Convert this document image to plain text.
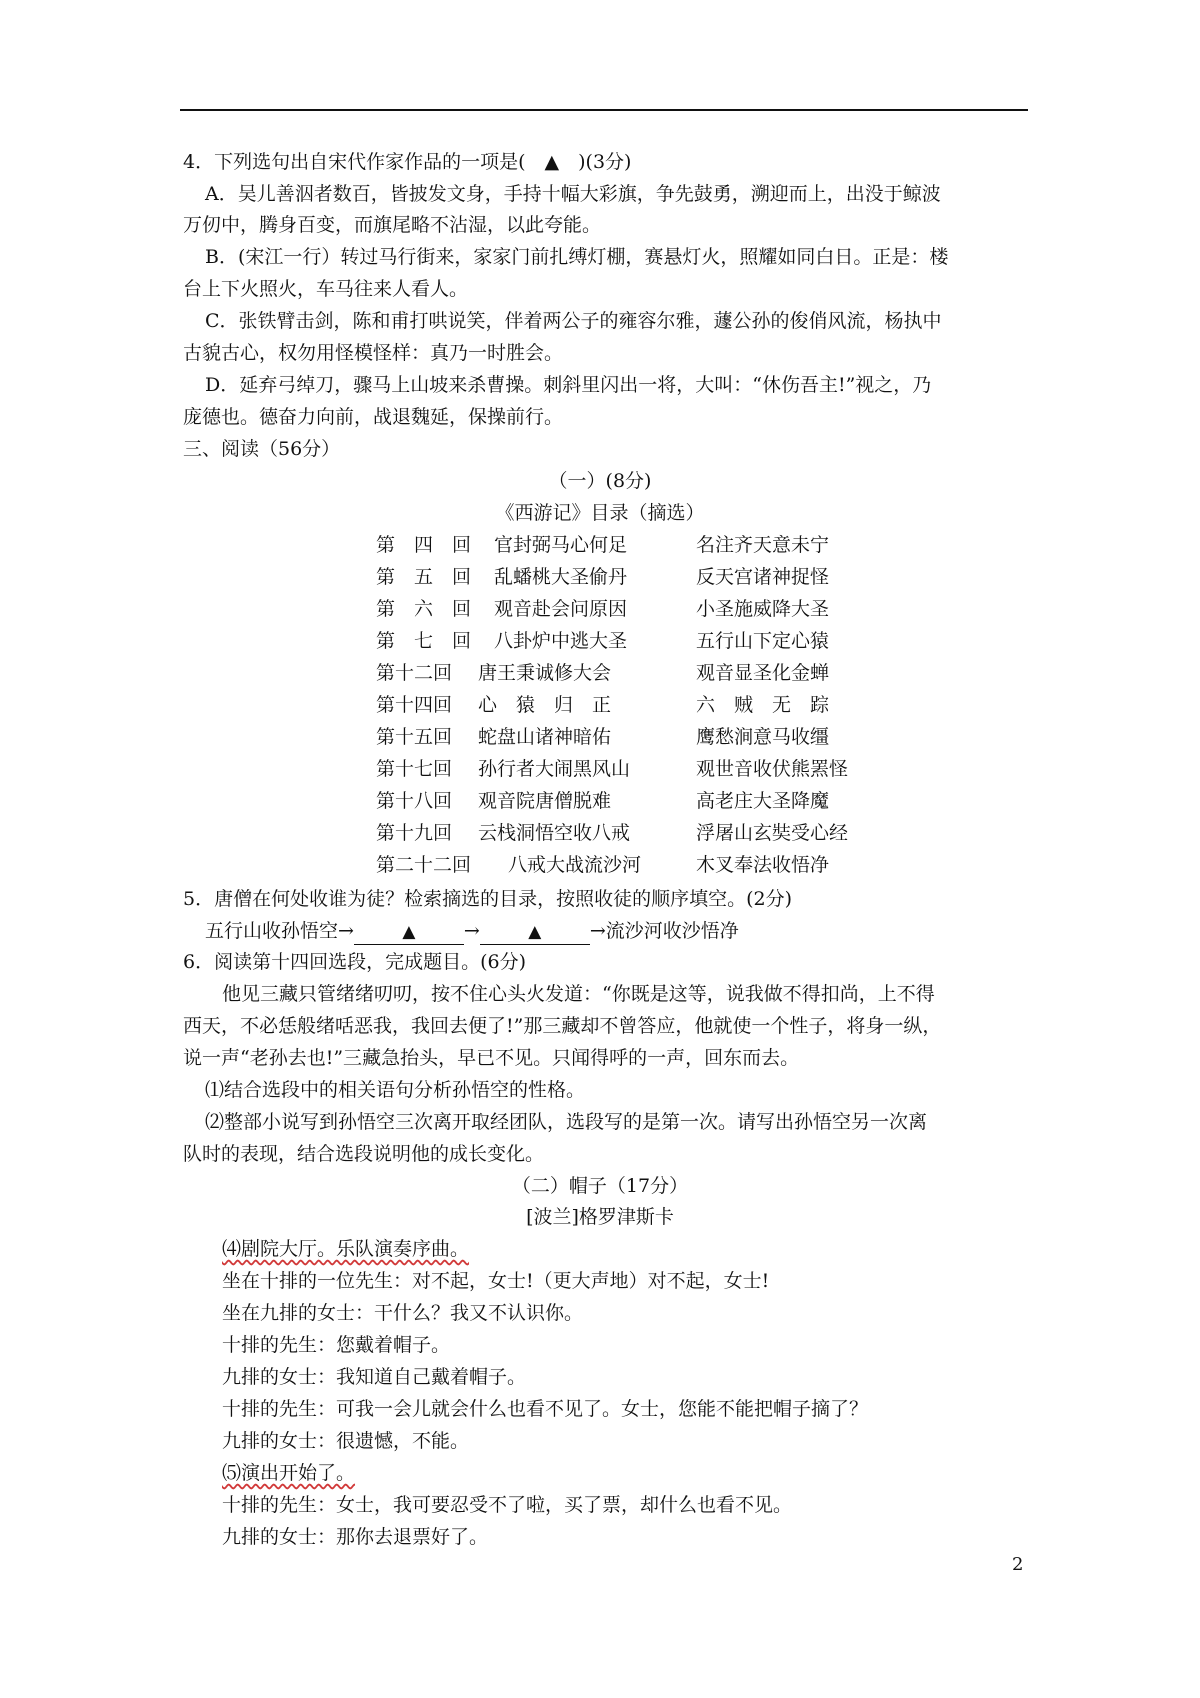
4．下列选句出自宋代作家作品的一项是(　▲　)(3分)
A．吴儿善泅者数百，皆披发文身，手持十幅大彩旗，争先鼓勇，溯迎而上，出没于鲸波
万仞中，腾身百变，而旗尾略不沾湿，以此夸能。
B．(宋江一行）转过马行街来，家家门前扎缚灯棚，赛悬灯火，照耀如同白日。正是：楼
台上下火照火，车马往来人看人。
C．张铁臂击剑，陈和甫打哄说笑，伴着两公子的雍容尔雅，蘧公孙的俊俏风流，杨执中
古貌古心，权勿用怪模怪样：真乃一时胜会。
D．延弃弓绰刀，骤马上山坡来杀曹操。刺斜里闪出一将，大叫：“休伤吾主!”视之，乃
庞德也。德奋力向前，战退魏延，保操前行。
三、阅读（56分）
（一）(8分)
《西游记》目录（摘选）
第　四　回 官封弼马心何足	名注齐天意未宁
第　五　回 乱蟠桃大圣偷丹	反天宫诸神捉怪
第　六　回 观音赴会问原因	小圣施威降大圣
第　七　回 八卦炉中逃大圣	五行山下定心猿
第十二回 唐王秉诚修大会	观音显圣化金蝉
第十四回 心　猿　归　正	六　贼　无　踪
第十五回 蛇盘山诸神暗佑	鹰愁涧意马收缰
第十七回 孙行者大闹黑风山	观世音收伏熊罴怪
第十八回 观音院唐僧脱难	高老庄大圣降魔
第十九回 云栈洞悟空收八戒	浮屠山玄奘受心经
第二十二回 八戒大战流沙河	木叉奉法收悟净
5．唐僧在何处收谁为徒？检索摘选的目录，按照收徒的顺序填空。(2分)
五行山收孙悟空→	▲	→	▲	→流沙河收沙悟净
6．阅读第十四回选段，完成题目。(6分)
他见三藏只管绪绪叨叨，按不住心头火发道：“你既是这等，说我做不得扣尚，上不得
西天，不必恁般绪咶恶我，我回去便了!”那三藏却不曾答应，他就使一个性子，将身一纵，
说一声“老孙去也!”三藏急抬头，早已不见。只闻得呼的一声，回东而去。
⑴结合选段中的相关语句分析孙悟空的性格。
⑵整部小说写到孙悟空三次离开取经团队，选段写的是第一次。请写出孙悟空另一次离
队时的表现，结合选段说明他的成长变化。
（二）帽子（17分）
[波兰]格罗津斯卡
⑷剧院大厅。乐队演奏序曲。
坐在十排的一位先生：对不起，女士!（更大声地）对不起，女士!
坐在九排的女士：干什么？我又不认识你。
十排的先生：您戴着帽子。
九排的女士：我知道自己戴着帽子。
十排的先生：可我一会儿就会什么也看不见了。女士，您能不能把帽子摘了？
九排的女士：很遗憾，不能。
⑸演出开始了。
十排的先生：女士，我可要忍受不了啦，买了票，却什么也看不见。
九排的女士：那你去退票好了。
2
